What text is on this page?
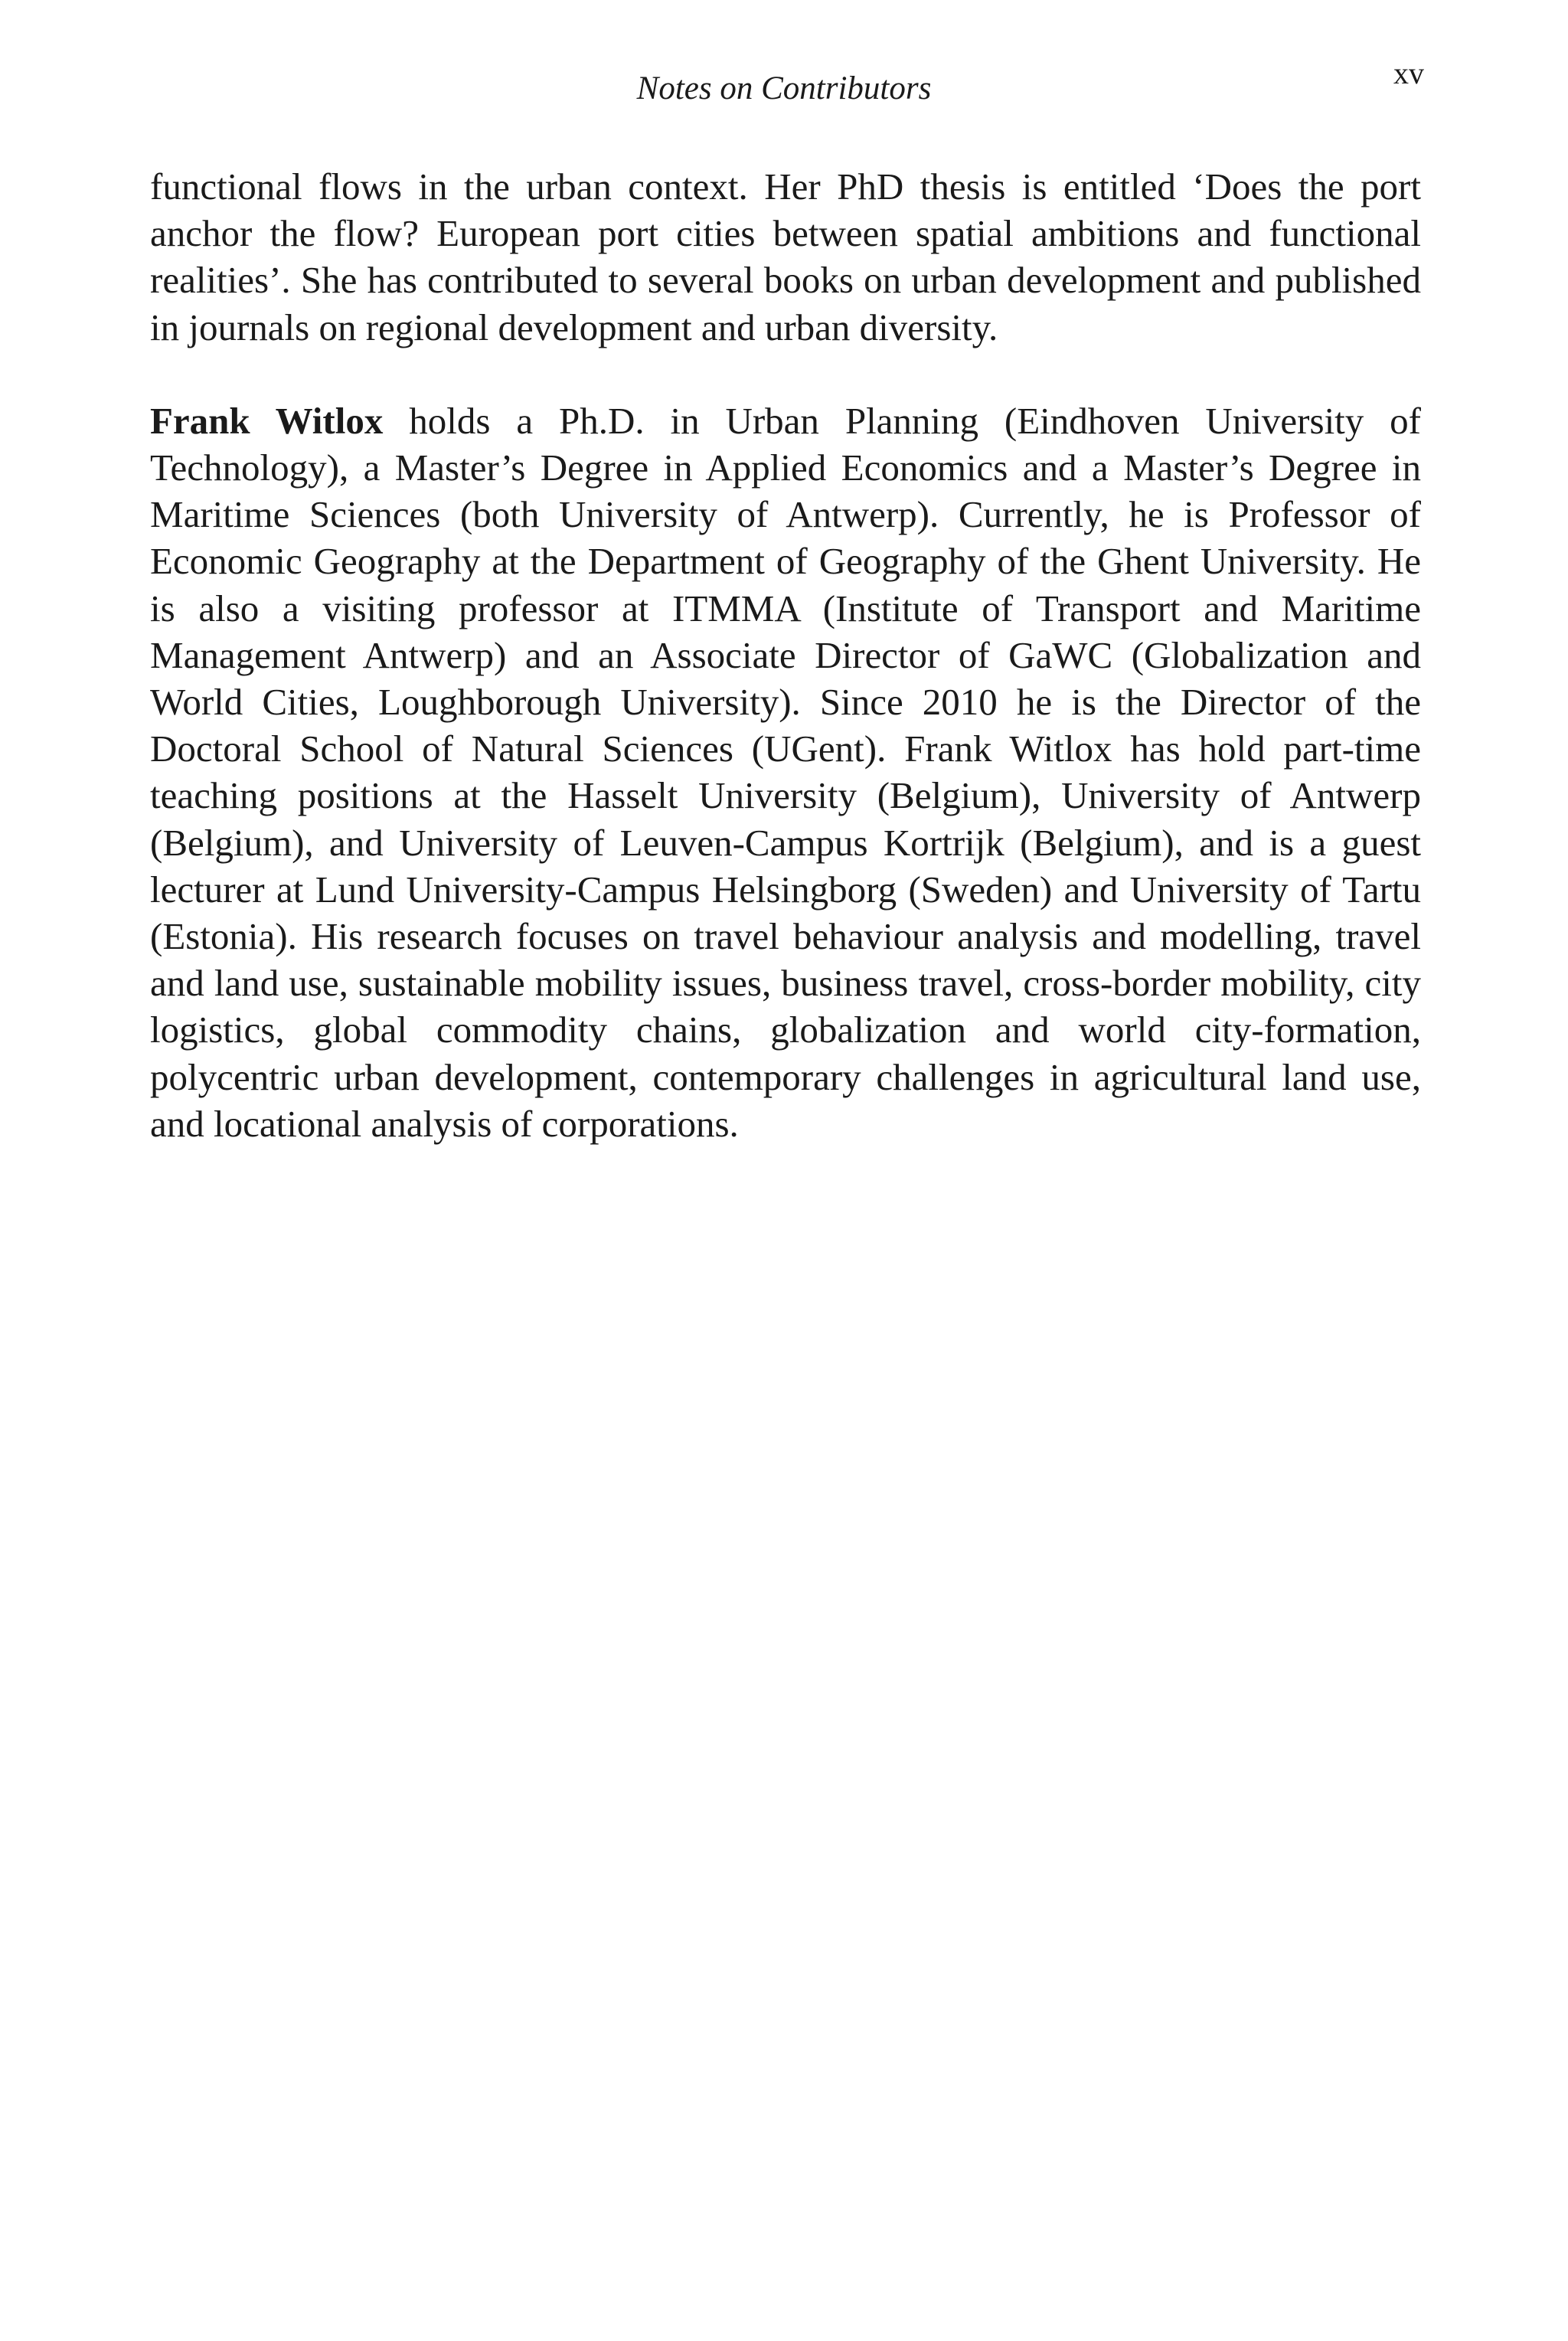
Notes on Contributors	xv

functional flows in the urban context. Her PhD thesis is entitled ‘Does the port anchor the flow? European port cities between spatial ambitions and functional realities’. She has contributed to several books on urban development and published in journals on regional development and urban diversity.

Frank Witlox holds a Ph.D. in Urban Planning (Eindhoven University of Technology), a Master’s Degree in Applied Economics and a Master’s Degree in Maritime Sciences (both University of Antwerp). Currently, he is Professor of Economic Geography at the Department of Geography of the Ghent University. He is also a visiting professor at ITMMA (Institute of Transport and Maritime Management Antwerp) and an Associate Director of GaWC (Globalization and World Cities, Loughborough University). Since 2010 he is the Director of the Doctoral School of Natural Sciences (UGent). Frank Witlox has hold part-time teaching positions at the Hasselt University (Belgium), University of Antwerp (Belgium), and University of Leuven-Campus Kortrijk (Belgium), and is a guest lecturer at Lund University-Campus Helsingborg (Sweden) and University of Tartu (Estonia). His research focuses on travel behaviour analysis and modelling, travel and land use, sustainable mobility issues, business travel, cross-border mobility, city logistics, global commodity chains, globalization and world city-formation, polycentric urban development, contemporary challenges in agricultural land use, and locational analysis of corporations.
